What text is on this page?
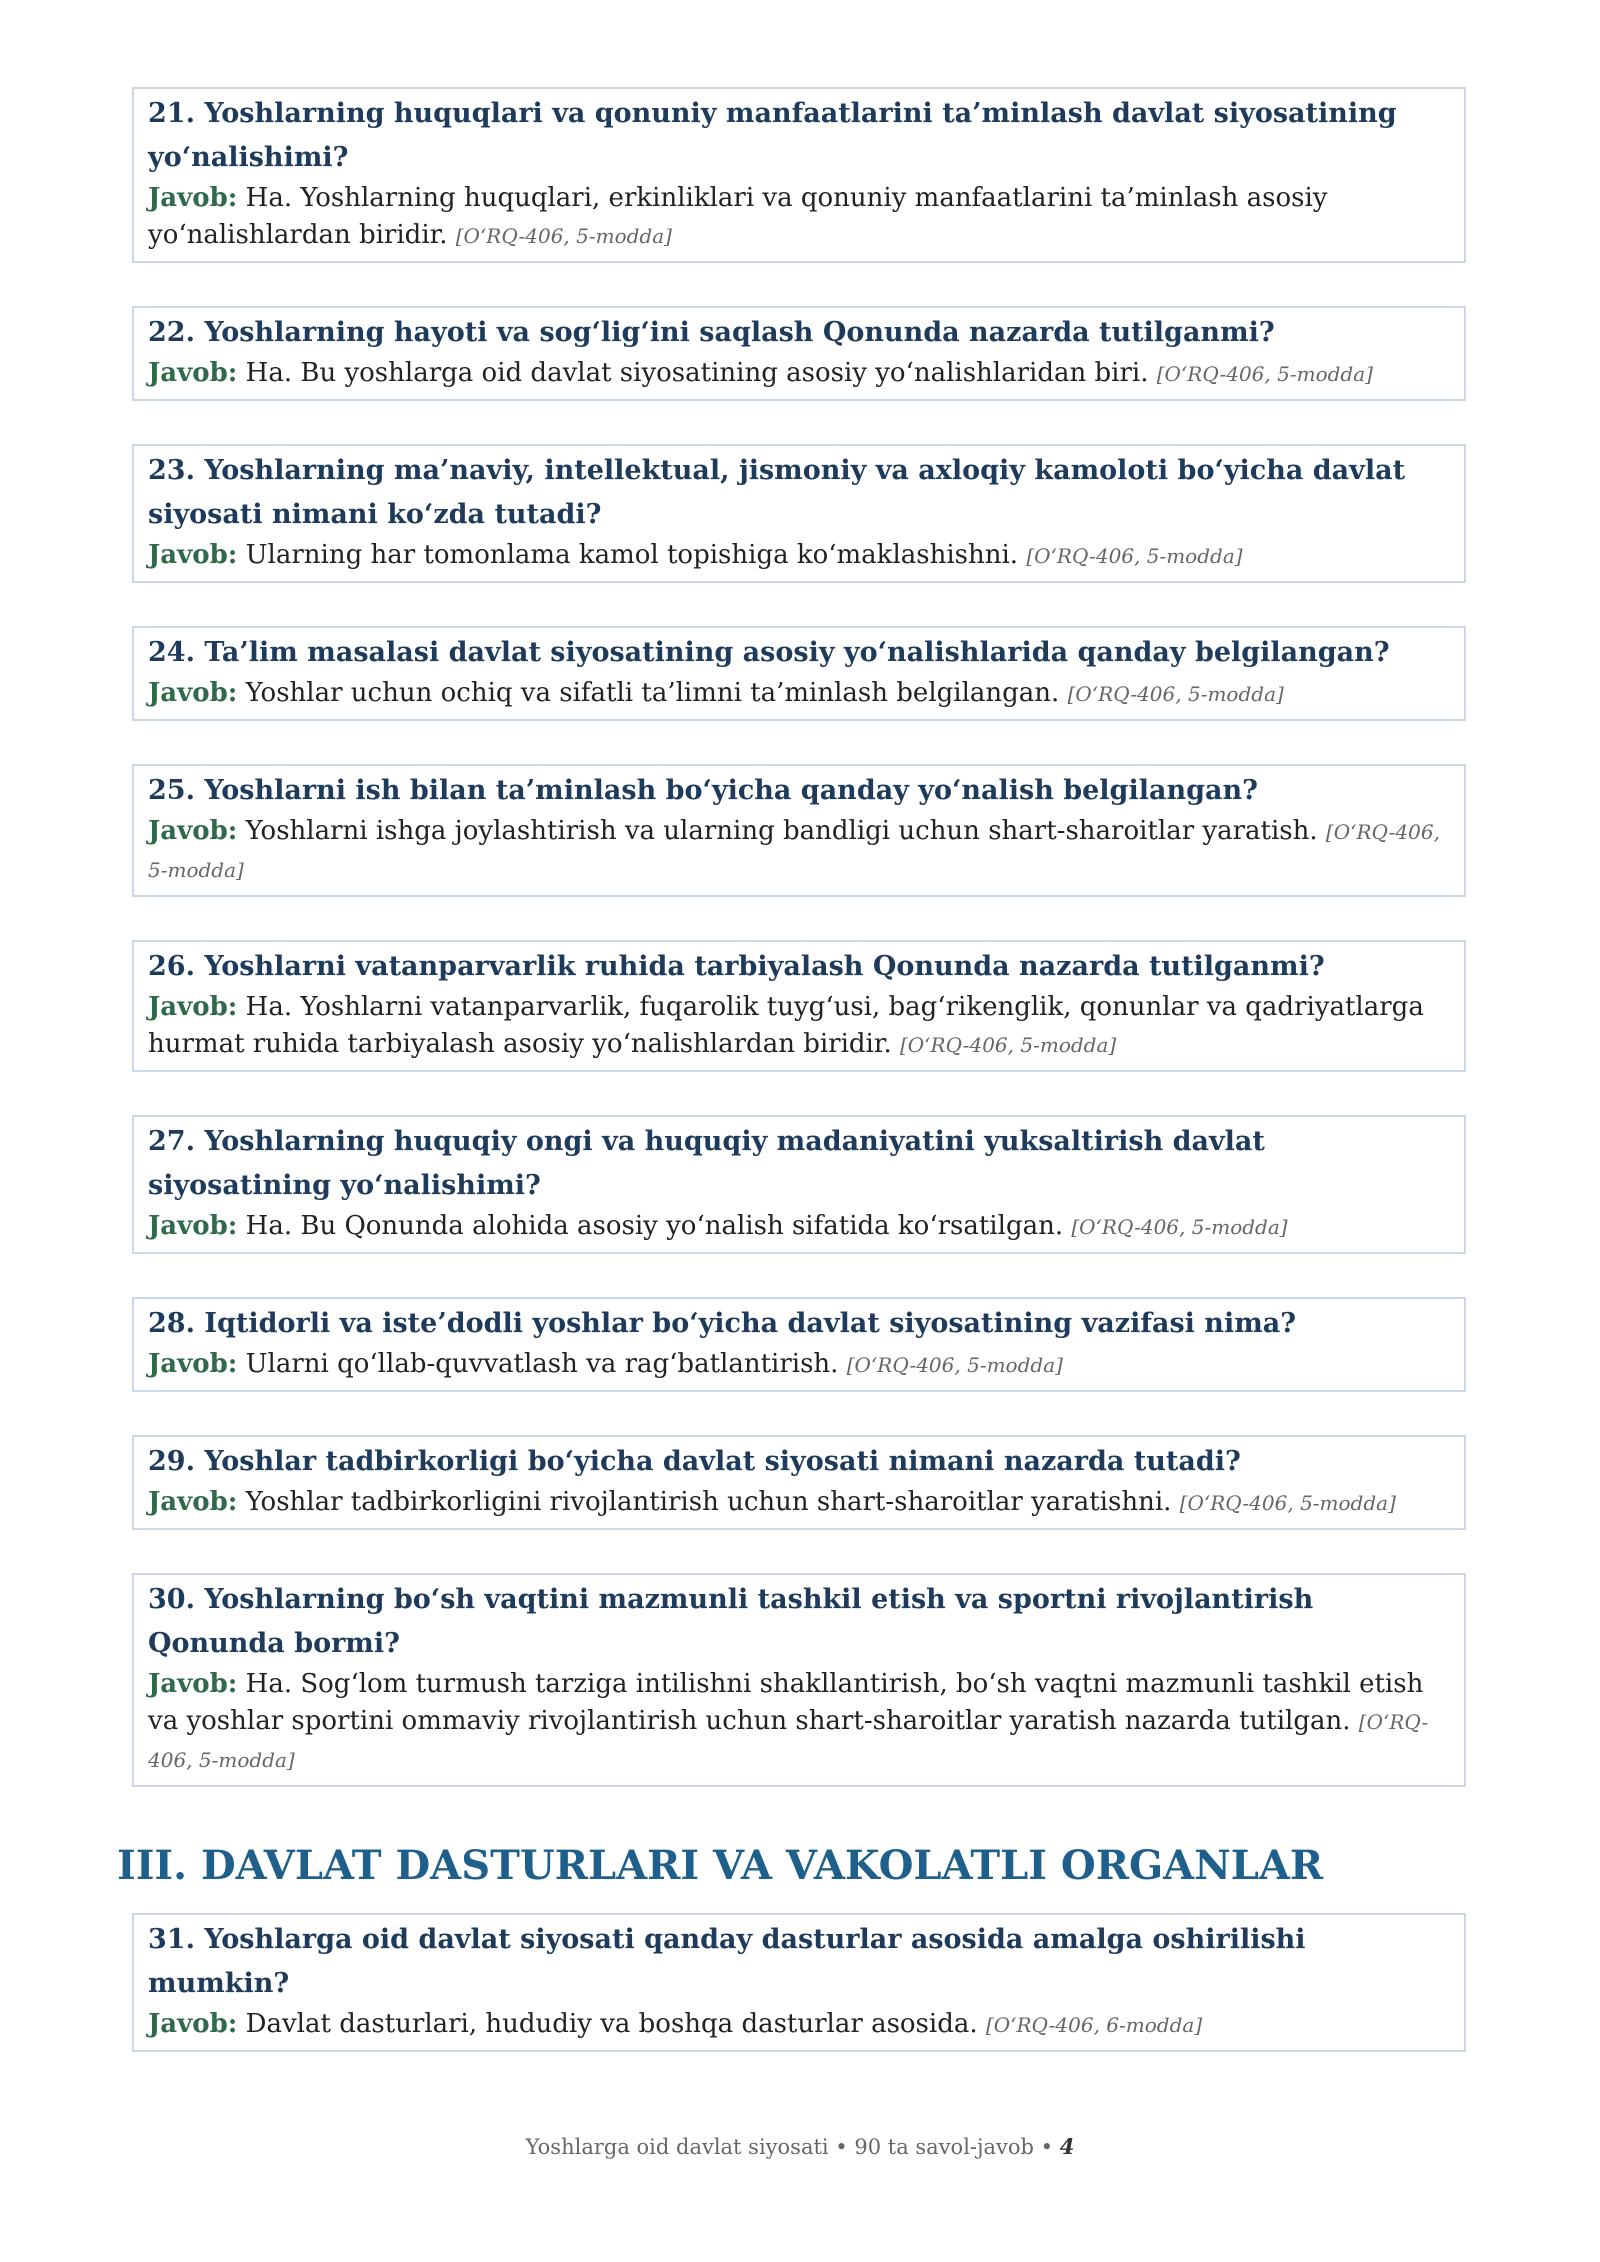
21. Yoshlarning huquqlari va qonuniy manfaatlarini ta’minlash davlat siyosatining yo‘nalishimi?
Javob: Ha. Yoshlarning huquqlari, erkinliklari va qonuniy manfaatlarini ta’minlash asosiy yo‘nalishlardan biridir. [O‘RQ-406, 5-modda]
22. Yoshlarning hayoti va sog‘lig‘ini saqlash Qonunda nazarda tutilganmi?
Javob: Ha. Bu yoshlarga oid davlat siyosatining asosiy yo‘nalishlaridan biri. [O‘RQ-406, 5-modda]
23. Yoshlarning ma’naviy, intellektual, jismoniy va axloqiy kamoloti bo‘yicha davlat siyosati nimani ko‘zda tutadi?
Javob: Ularning har tomonlama kamol topishiga ko‘maklashishni. [O‘RQ-406, 5-modda]
24. Ta’lim masalasi davlat siyosatining asosiy yo‘nalishlarida qanday belgilangan?
Javob: Yoshlar uchun ochiq va sifatli ta’limni ta’minlash belgilangan. [O‘RQ-406, 5-modda]
25. Yoshlarni ish bilan ta’minlash bo‘yicha qanday yo‘nalish belgilangan?
Javob: Yoshlarni ishga joylashtirish va ularning bandligi uchun shart-sharoitlar yaratish. [O‘RQ-406, 5-modda]
26. Yoshlarni vatanparvarlik ruhida tarbiyalash Qonunda nazarda tutilganmi?
Javob: Ha. Yoshlarni vatanparvarlik, fuqarolik tuyg‘usi, bag‘rikenglik, qonunlar va qadriyatlarga hurmat ruhida tarbiyalash asosiy yo‘nalishlardan biridir. [O‘RQ-406, 5-modda]
27. Yoshlarning huquqiy ongi va huquqiy madaniyatini yuksaltirish davlat siyosatining yo‘nalishimi?
Javob: Ha. Bu Qonunda alohida asosiy yo‘nalish sifatida ko‘rsatilgan. [O‘RQ-406, 5-modda]
28. Iqtidorli va iste’dodli yoshlar bo‘yicha davlat siyosatining vazifasi nima?
Javob: Ularni qo‘llab-quvvatlash va rag‘batlantirish. [O‘RQ-406, 5-modda]
29. Yoshlar tadbirkorligi bo‘yicha davlat siyosati nimani nazarda tutadi?
Javob: Yoshlar tadbirkorligini rivojlantirish uchun shart-sharoitlar yaratishni. [O‘RQ-406, 5-modda]
30. Yoshlarning bo‘sh vaqtini mazmunli tashkil etish va sportni rivojlantirish Qonunda bormi?
Javob: Ha. Sog‘lom turmush tarziga intilishni shakllantirish, bo‘sh vaqtni mazmunli tashkil etish va yoshlar sportini ommaviy rivojlantirish uchun shart-sharoitlar yaratish nazarda tutilgan. [O‘RQ-406, 5-modda]
III. DAVLAT DASTURLARI VA VAKOLATLI ORGANLAR
31. Yoshlarga oid davlat siyosati qanday dasturlar asosida amalga oshirilishi mumkin?
Javob: Davlat dasturlari, hududiy va boshqa dasturlar asosida. [O‘RQ-406, 6-modda]
Yoshlarga oid davlat siyosati • 90 ta savol-javob • 4
